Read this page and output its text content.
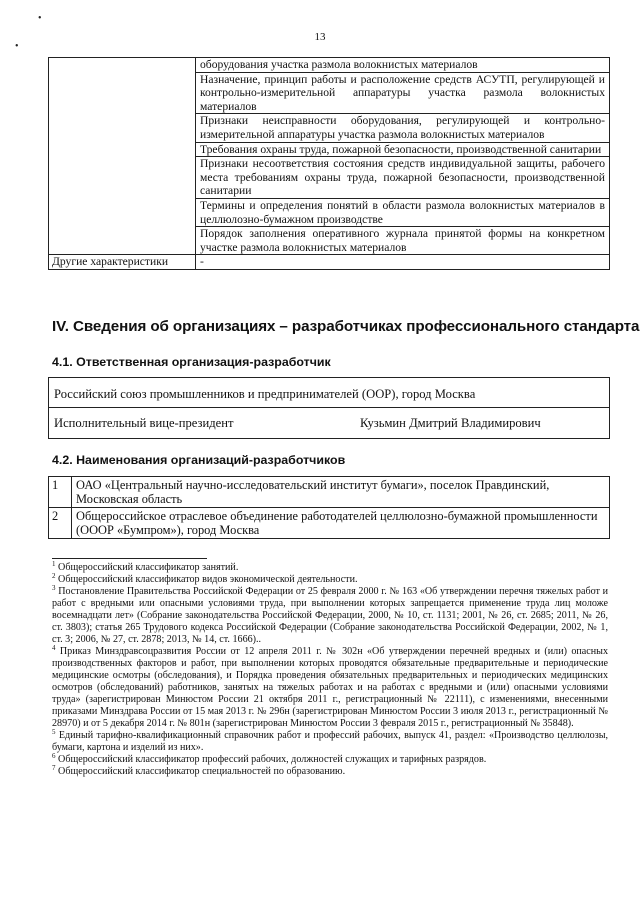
•
•
13
	оборудования участка размола волокнистых материалов
	Назначение, принцип работы и расположение средств АСУТП, регулирующей и контрольно-измерительной аппаратуры участка размола волокнистых материалов
	Признаки неисправности оборудования, регулирующей и контрольно-измерительной аппаратуры участка размола волокнистых материалов
	Требования охраны труда, пожарной безопасности, производственной санитарии
	Признаки несоответствия состояния средств индивидуальной защиты, рабочего места требованиям охраны труда, пожарной безопасности, производственной санитарии
	Термины и определения понятий в области размола волокнистых материалов в целлюлозно-бумажном производстве
	Порядок заполнения оперативного журнала принятой формы на конкретном участке размола волокнистых материалов
Другие характеристики	-
IV. Сведения об организациях – разработчиках профессионального стандарта
4.1. Ответственная организация-разработчик
Российский союз промышленников и предпринимателей (ООР), город Москва
Исполнительный вице-президент	Кузьмин Дмитрий Владимирович
4.2. Наименования организаций-разработчиков
1	ОАО «Центральный научно-исследовательский институт бумаги», поселок Правдинский, Московская область
2	Общероссийское отраслевое объединение работодателей целлюлозно-бумажной промышленности (ОООР «Бумпром»), город Москва

$^1$ Общероссийский классификатор занятий.

$^2$ Общероссийский классификатор видов экономической деятельности.

$^3$ Постановление Правительства Российской Федерации от 25 февраля 2000 г. № 163 «Об утверждении перечня тяжелых работ и работ с вредными или опасными условиями труда, при выполнении которых запрещается применение труда лиц моложе восемнадцати лет» (Собрание законодательства Российской Федерации, 2000, № 10, ст. 1131; 2001, № 26, ст. 2685; 2011, № 26, ст. 3803); статья 265 Трудового кодекса Российской Федерации (Собрание законодательства Российской Федерации, 2002, № 1, ст. 3; 2006, № 27, ст. 2878; 2013, № 14, ст. 1666)..

$^4$ Приказ Минздравсоцразвития России от 12 апреля 2011 г. № 302н «Об утверждении перечней вредных и (или) опасных производственных факторов и работ, при выполнении которых проводятся обязательные предварительные и периодические медицинские осмотры (обследования), и Порядка проведения обязательных предварительных и периодических медицинских осмотров (обследований) работников, занятых на тяжелых работах и на работах с вредными и (или) опасными условиями труда» (зарегистрирован Минюстом России 21 октября 2011 г., регистрационный № 22111), с изменениями, внесенными приказами Минздрава России от 15 мая 2013 г. № 296н (зарегистрирован Минюстом России 3 июля 2013 г., регистрационный № 28970) и от 5 декабря 2014 г. № 801н (зарегистрирован Минюстом России 3 февраля 2015 г., регистрационный № 35848).

$^5$ Единый тарифно-квалификационный справочник работ и профессий рабочих, выпуск 41, раздел: «Производство целлюлозы, бумаги, картона и изделий из них».

$^6$ Общероссийский классификатор профессий рабочих, должностей служащих и тарифных разрядов.

$^7$ Общероссийский классификатор специальностей по образованию.
